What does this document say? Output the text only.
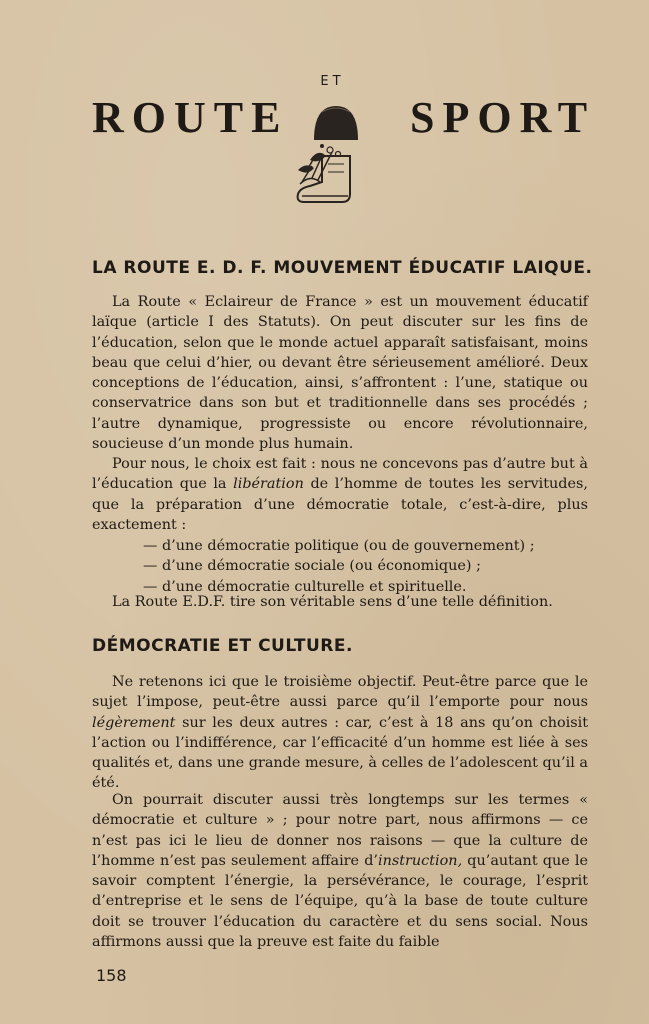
ET
ROUTE	SPORT
LA ROUTE E. D. F. MOUVEMENT ÉDUCATIF LAIQUE.

La Route « Eclaireur de France » est un mouvement éducatif laïque (article I des Statuts). On peut discuter sur les fins de l’éducation, selon que le monde actuel apparaît satisfaisant, moins beau que celui d’hier, ou devant être sérieusement amélioré. Deux conceptions de l’éducation, ainsi, s’affrontent : l’une, statique ou conservatrice dans son but et traditionnelle dans ses procédés ; l’autre dynamique, progressiste ou encore révolutionnaire, soucieuse d’un monde plus humain.

Pour nous, le choix est fait : nous ne concevons pas d’autre but à l’éducation que la libération de l’homme de toutes les servitudes, que la préparation d’une démocratie totale, c’est-à-dire, plus exactement :

— d’une démocratie politique (ou de gouvernement) ;
— d’une démocratie sociale (ou économique) ;
— d’une démocratie culturelle et spirituelle.
La Route E.D.F. tire son véritable sens d’une telle définition.
DÉMOCRATIE ET CULTURE.

Ne retenons ici que le troisième objectif. Peut-être parce que le sujet l’impose, peut-être aussi parce qu’il l’emporte pour nous légèrement sur les deux autres : car, c’est à 18 ans qu’on choisit l’action ou l’indifférence, car l’efficacité d’un homme est liée à ses qualités et, dans une grande mesure, à celles de l’adolescent qu’il a été.

On pourrait discuter aussi très longtemps sur les termes « démocratie et culture » ; pour notre part, nous affirmons — ce n’est pas ici le lieu de donner nos raisons — que la culture de l’homme n’est pas seulement affaire d’instruction, qu’autant que le savoir comptent l’énergie, la persévérance, le courage, l’esprit d’entreprise et le sens de l’équipe, qu’à la base de toute culture doit se trouver l’éducation du caractère et du sens social. Nous affirmons aussi que la preuve est faite du faible

158
